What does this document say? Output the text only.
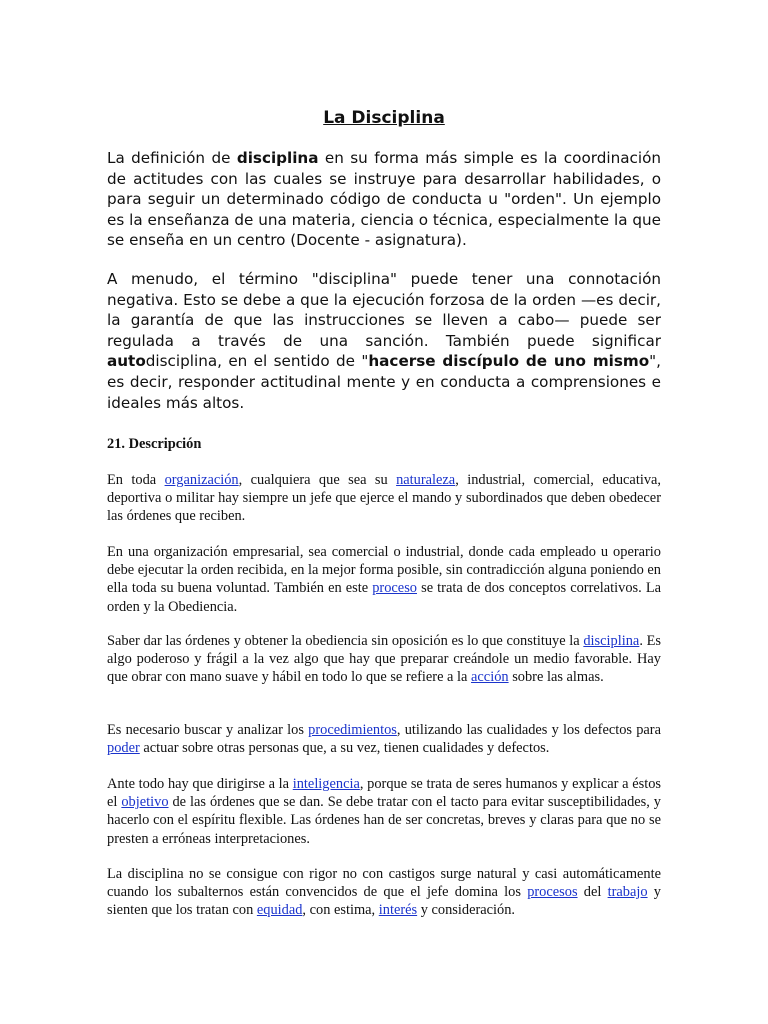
La Disciplina

La definición de disciplina en su forma más simple es la coordinación de actitudes con las cuales se instruye para desarrollar habilidades, o para seguir un determinado código de conducta u "orden". Un ejemplo es la enseñanza de una materia, ciencia o técnica, especialmente la que se enseña en un centro (Docente - asignatura).

A menudo, el término "disciplina" puede tener una connotación negativa. Esto se debe a que la ejecución forzosa de la orden —es decir, la garantía de que las instrucciones se lleven a cabo— puede ser regulada a través de una sanción. También puede significar autodisciplina, en el sentido de "hacerse discípulo de uno mismo", es decir, responder actitudinal mente y en conducta a comprensiones e ideales más altos.

21. Descripción

En toda organización, cualquiera que sea su naturaleza, industrial, comercial, educativa, deportiva o militar hay siempre un jefe que ejerce el mando y subordinados que deben obedecer las órdenes que reciben.

En una organización empresarial, sea comercial o industrial, donde cada empleado u operario debe ejecutar la orden recibida, en la mejor forma posible, sin contradicción alguna poniendo en ella toda su buena voluntad. También en este proceso se trata de dos conceptos correlativos. La orden y la Obediencia.

Saber dar las órdenes y obtener la obediencia sin oposición es lo que constituye la disciplina. Es algo poderoso y frágil a la vez algo que hay que preparar creándole un medio favorable. Hay que obrar con mano suave y hábil en todo lo que se refiere a la acción sobre las almas.

Es necesario buscar y analizar los procedimientos, utilizando las cualidades y los defectos para poder actuar sobre otras personas que, a su vez, tienen cualidades y defectos.

Ante todo hay que dirigirse a la inteligencia, porque se trata de seres humanos y explicar a éstos el objetivo de las órdenes que se dan. Se debe tratar con el tacto para evitar susceptibilidades, y hacerlo con el espíritu flexible. Las órdenes han de ser concretas, breves y claras para que no se presten a erróneas interpretaciones.

La disciplina no se consigue con rigor no con castigos surge natural y casi automáticamente cuando los subalternos están convencidos de que el jefe domina los procesos del trabajo y sienten que los tratan con equidad, con estima, interés y consideración.
